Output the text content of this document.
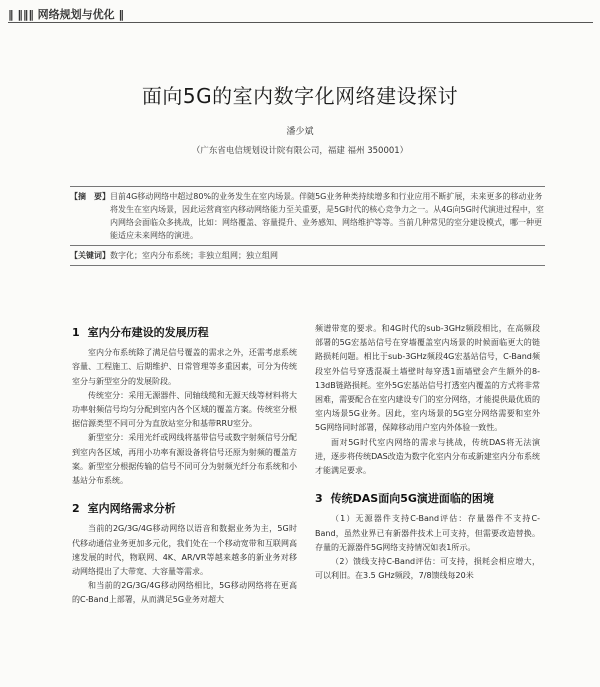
‖ ‖‖‖ 网络规划与优化 ‖
面向5G的室内数字化网络建设探讨
潘少斌
（广东省电信规划设计院有限公司，福建 福州 350001）
【摘　要】 目前4G移动网络中超过80%的业务发生在室内场景。伴随5G业务种类持续增多和行业应用不断扩展，未来更多的移动业务将发生在室内场景，因此运营商室内移动网络能力至关重要，是5G时代的核心竞争力之一。从4G向5G时代演进过程中，室内网络会面临众多挑战，比如：网络覆盖、容量提升、业务感知、网络维护等等。当前几种常见的室分建设模式，哪一种更能适应未来网络的演进。
【关键词】 数字化；室内分布系统；非独立组网；独立组网
1 室内分布建设的发展历程

室内分布系统除了满足信号覆盖的需求之外，还需考虑系统容量、工程施工、后期维护、日常管理等多重因素，可分为传统室分与新型室分的发展阶段。

传统室分：采用无源器件、同轴线缆和无源天线等材料将大功率射频信号均匀分配到室内各个区域的覆盖方案。传统室分根据信源类型不同可分为直放站室分和基带RRU室分。

新型室分：采用光纤或网线将基带信号或数字射频信号分配到室内各区域，再用小功率有源设备将信号还原为射频的覆盖方案。新型室分根据传输的信号不同可分为射频光纤分布系统和小基站分布系统。

2 室内网络需求分析

当前的2G/3G/4G移动网络以语音和数据业务为主，5G时代移动通信业务更加多元化，我们处在一个移动宽带和互联网高速发展的时代，物联网、4K、AR/VR等越来越多的新业务对移动网络提出了大带宽、大容量等需求。

和当前的2G/3G/4G移动网络相比，5G移动网络将在更高的C-Band上部署，从而满足5G业务对超大

频谱带宽的要求。和4G时代的sub-3GHz频段相比，在高频段部署的5G宏基站信号在穿墙覆盖室内场景的时候面临更大的链路损耗问题。相比于sub-3GHz频段4G宏基站信号，C-Band频段室外信号穿透混凝土墙壁时每穿透1面墙壁会产生额外的8-13dB链路损耗。室外5G宏基站信号打透室内覆盖的方式将非常困难，需要配合在室内建设专门的室分网络，才能提供最优质的室内场景5G业务。因此，室内场景的5G室分网络需要和室外5G网络同时部署，保障移动用户室内外体验一致性。

面对5G时代室内网络的需求与挑战，传统DAS将无法演进，逐步将传统DAS改造为数字化室内分布或新建室内分布系统才能满足要求。

3 传统DAS面向5G演进面临的困境

（1）无源器件支持C-Band评估：存量器件不支持C-Band，虽然业界已有新器件技术上可支持，但需要改造替换。存量的无源器件5G网络支持情况如表1所示。

（2）馈线支持C-Band评估：可支持，损耗会相应增大，可以利旧。在3.5 GHz频段，7/8馈线每20米
